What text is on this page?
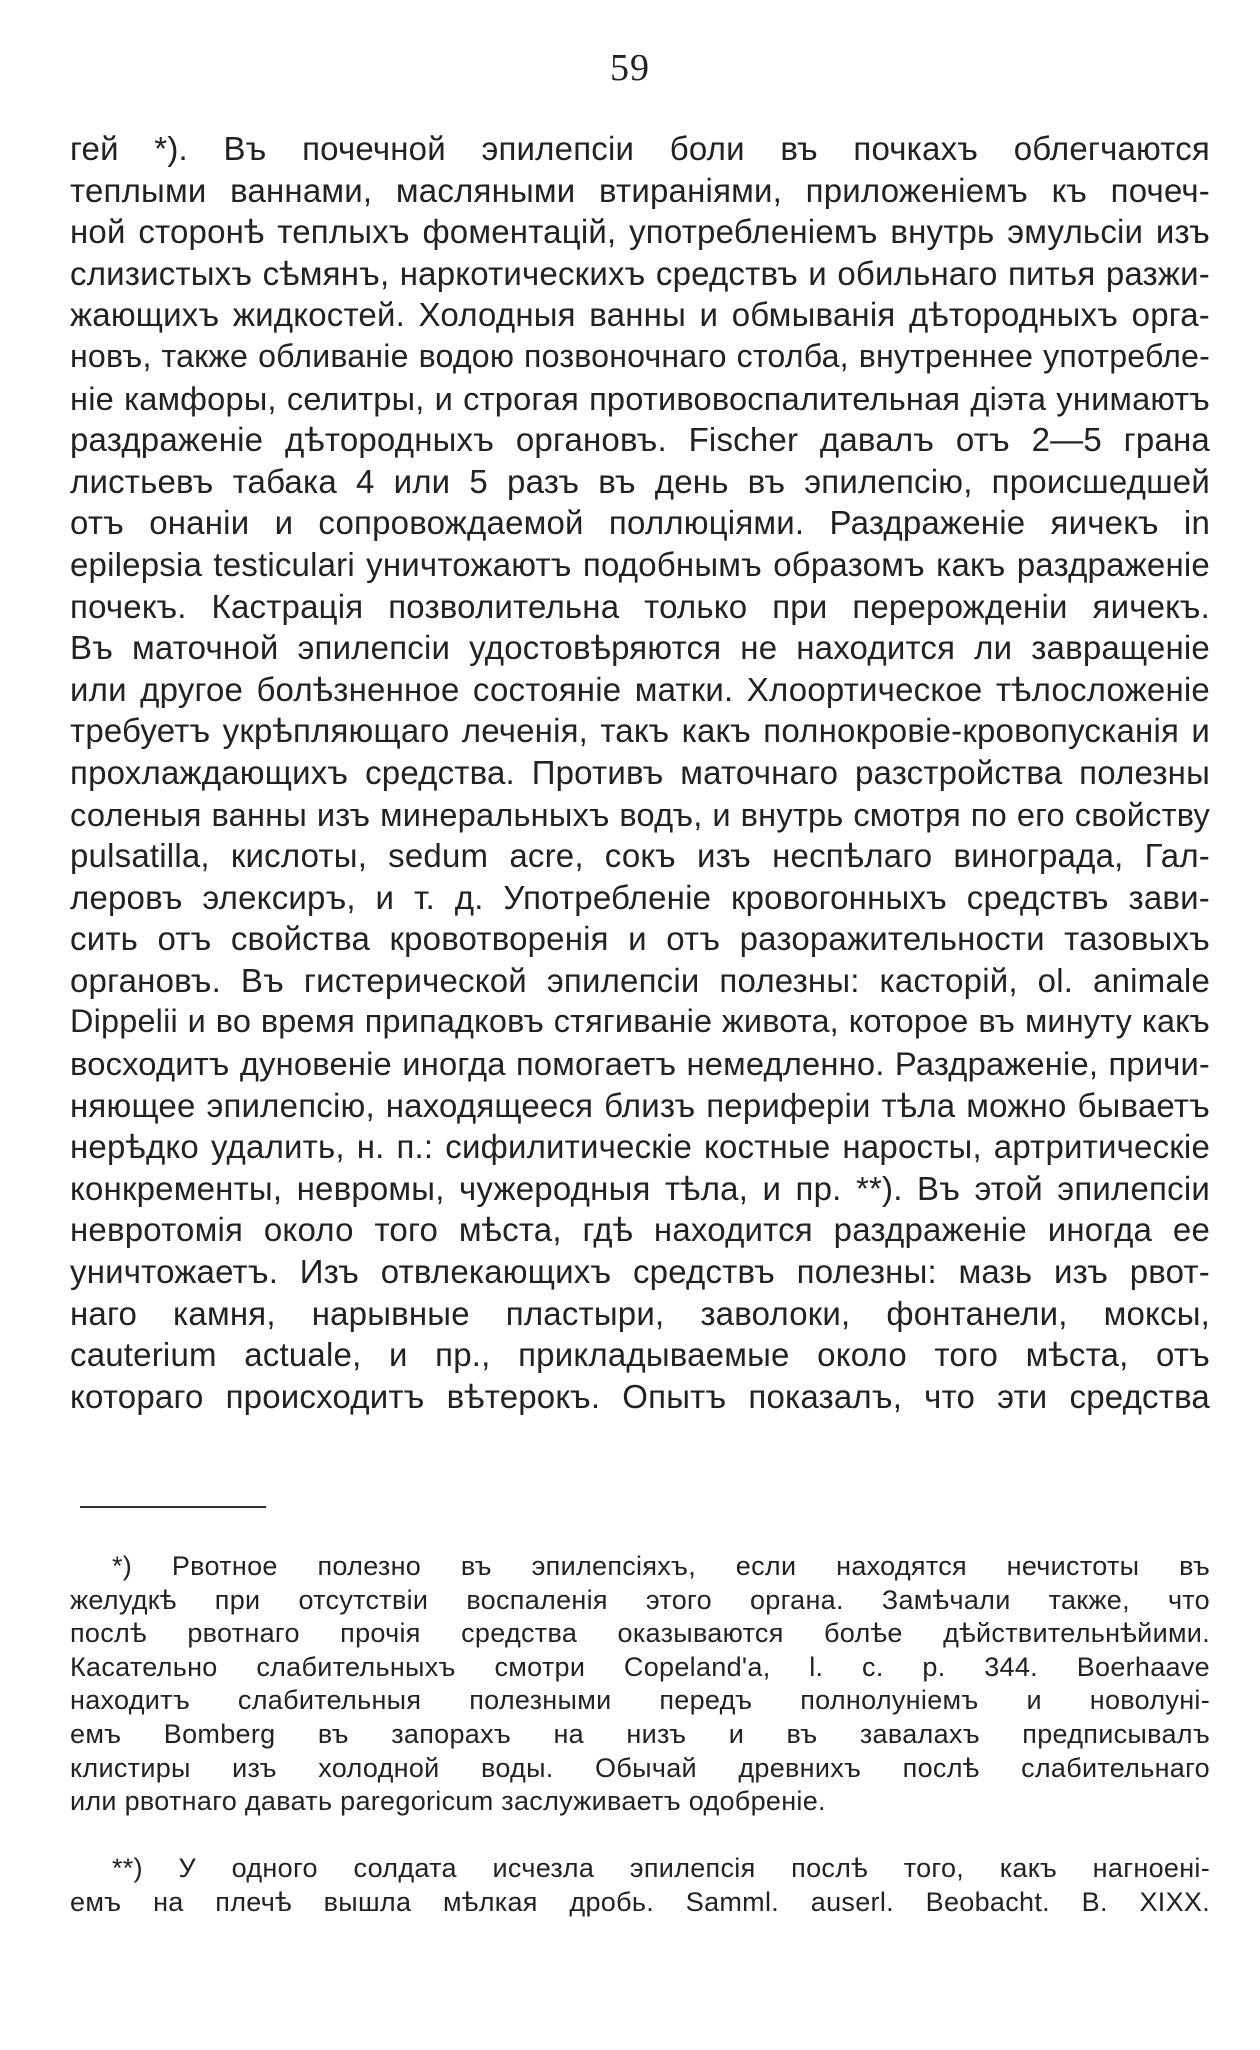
59
гей *). Въ почечной эпилепсіи боли въ почкахъ облегчаются
теплыми ваннами, масляными втираніями, приложеніемъ къ почеч-
ной сторонѣ теплыхъ фоментацій, употребленіемъ внутрь эмульсіи изъ
слизистыхъ сѣмянъ, наркотическихъ средствъ и обильнаго питья разжи-
жающихъ жидкостей. Холодныя ванны и обмыванія дѣтородныхъ орга-
новъ, также обливаніе водою позвоночнаго столба, внутреннее употребле-
ніе камфоры, селитры, и строгая противовоспалительная діэта унимаютъ
раздраженіе дѣтородныхъ органовъ. Fischer давалъ отъ 2—5 грана
листьевъ табака 4 или 5 разъ въ день въ эпилепсію, происшедшей
отъ онаніи и сопровождаемой поллюціями. Раздраженіе яичекъ in
epilepsia testiculari уничтожаютъ подобнымъ образомъ какъ раздраженіе
почекъ. Кастрація позволительна только при перерожденіи яичекъ.
Въ маточной эпилепсіи удостовѣряются не находится ли завращеніе
или другое болѣзненное состояніе матки. Хлоортическое тѣлосложеніе
требуетъ укрѣпляющаго леченія, такъ какъ полнокровіе-кровопусканія и
прохлаждающихъ средства. Противъ маточнаго разстройства полезны
соленыя ванны изъ минеральныхъ водъ, и внутрь смотря по его свойству
pulsatilla, кислоты, sedum acre, сокъ изъ неспѣлаго винограда, Гал-
леровъ элексиръ, и т. д. Употребленіе кровогонныхъ средствъ зави-
сить отъ свойства кровотворенія и отъ разоражительности тазовыхъ
органовъ. Въ гистерической эпилепсіи полезны: касторій, ol. animale
Dippelii и во время припадковъ стягиваніе живота, которое въ минуту какъ
восходитъ дуновеніе иногда помогаетъ немедленно. Раздраженіе, причи-
няющее эпилепсію, находящееся близъ периферіи тѣла можно бываетъ
нерѣдко удалить, н. п.: сифилитическіе костные наросты, артритическіе
конкременты, невромы, чужеродныя тѣла, и пр. **). Въ этой эпилепсіи
невротомія около того мѣста, гдѣ находится раздраженіе иногда ее
уничтожаетъ. Изъ отвлекающихъ средствъ полезны: мазь изъ рвот-
наго камня, нарывные пластыри, заволоки, фонтанели, моксы,
cauterium actuale, и пр., прикладываемые около того мѣста, отъ
котораго происходитъ вѣтерокъ. Опытъ показалъ, что эти средства
*) Рвотное полезно въ эпилепсіяхъ, если находятся нечистоты въ
желудкѣ при отсутствіи воспаленія этого органа. Замѣчали также, что
послѣ рвотнаго прочія средства оказываются болѣе дѣйствительнѣйими.
Касательно слабительныхъ смотри Copeland'a, l. c. p. 344. Boerhaave
находитъ слабительныя полезными передъ полнолуніемъ и новолуні-
емъ Bomberg въ запорахъ на низъ и въ завалахъ предписывалъ
клистиры изъ холодной воды. Обычай древнихъ послѣ слабительнаго
или рвотнаго давать paregoricum заслуживаетъ одобреніе.
**) У одного солдата исчезла эпилепсія послѣ того, какъ нагноені-
емъ на плечѣ вышла мѣлкая дробь. Samml. auserl. Beobacht. B. XIXX.
